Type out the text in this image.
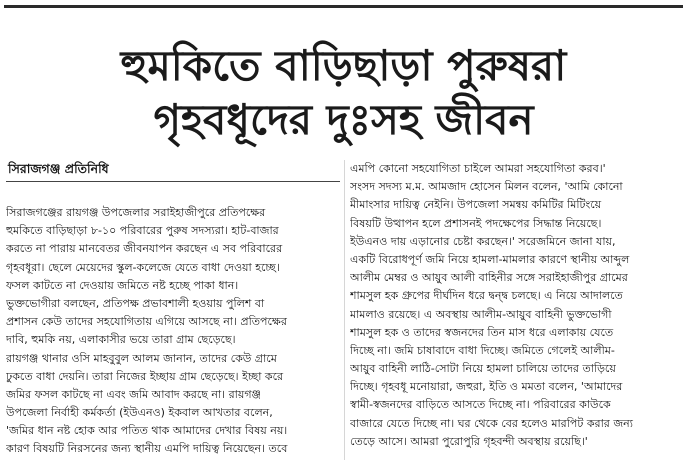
হুমকিতে বাড়িছাড়া পুরুষরা
গৃহবধূদের দুঃসহ জীবন
সিরাজগঞ্জ প্রতিনিধি
সিরাজগঞ্জের রায়গঞ্জ উপজেলার সরাইহাজীপুরে প্রতিপক্ষের
হুমকিতে বাড়িছাড়া ৮-১০ পরিবারের পুরুষ সদস্যরা। হাট-বাজার
করতে না পারায় মানবেতর জীবনযাপন করছেন এ সব পরিবারের
গৃহবধূরা। ছেলে মেয়েদের স্কুল-কলেজে যেতে বাধা দেওয়া হচ্ছে।
ফসল কাটতে না দেওয়ায় জমিতে নষ্ট হচ্ছে পাকা ধান।
ভুক্তভোগীরা বলছেন, প্রতিপক্ষ প্রভাবশালী হওয়ায় পুলিশ বা
প্রশাসন কেউ তাদের সহযোগিতায় এগিয়ে আসছে না। প্রতিপক্ষের
দাবি, হুমকি নয়, এলাকাসীর ভয়ে তারা গ্রাম ছেড়েছে।
রায়গঞ্জ থানার ওসি মাহবুবুল আলম জানান, তাদের কেউ গ্রামে
ঢুকতে বাধা দেয়নি। তারা নিজের ইচ্ছায় গ্রাম ছেড়েছে। ইচ্ছা করে
জমির ফসল কাটছে না এবং জমি আবাদ করছে না। রায়গঞ্জ
উপজেলা নির্বাহী কর্মকর্তা (ইউএনও) ইকবাল আখতার বলেন,
'জমির ধান নষ্ট হোক আর পতিত থাক আমাদের দেখার বিষয় নয়।
কারণ বিষয়টি নিরসনের জন্য স্থানীয় এমপি দায়িত্ব নিয়েছেন। তবে
এমপি কোনো সহযোগিতা চাইলে আমরা সহযোগিতা করব।'
সংসদ সদস্য ম.ম. আমজাদ হোসেন মিলন বলেন, 'আমি কোনো
মীমাংসার দায়িত্ব নেইনি। উপজেলা সমন্বয় কমিটির মিটিংয়ে
বিষয়টি উত্থাপন হলে প্রশাসনই পদক্ষেপের সিদ্ধান্ত নিয়েছে।
ইউএনও দায় এড়ানোর চেষ্টা করছেন।' সরেজমিনে জানা যায়,
একটি বিরোধপূর্ণ জমি নিয়ে হামলা-মামলার কারণে স্থানীয় আব্দুল
আলীম মেম্বর ও আয়ুব আলী বাহিনীর সঙ্গে সরাইহাজীপুর গ্রামের
শামসুল হক গ্রুপের দীর্ঘদিন ধরে দ্বন্দ্ব চলছে। এ নিয়ে আদালতে
মামলাও রয়েছে। এ অবস্থায় আলীম-আয়ুব বাহিনী ভুক্তভোগী
শামসুল হক ও তাদের স্বজনদের তিন মাস ধরে এলাকায় যেতে
দিচ্ছে না। জমি চাষাবাদে বাধা দিচ্ছে। জমিতে গেলেই আলীম-
আয়ুব বাহিনী লাঠি-সোটা নিয়ে হামলা চালিয়ে তাদের তাড়িয়ে
দিচ্ছে। গৃহবধূ মনোয়ারা, জহুরা, ইতি ও মমতা বলেন, 'আমাদের
স্বামী-স্বজনদের বাড়িতে আসতে দিচ্ছে না। পরিবারের কাউকে
বাজারে যেতে দিচ্ছে না। ঘর থেকে বের হলেও মারপিট করার জন্য
তেড়ে আসে। আমরা পুরোপুরি গৃহবন্দী অবস্থায় রয়েছি।'
